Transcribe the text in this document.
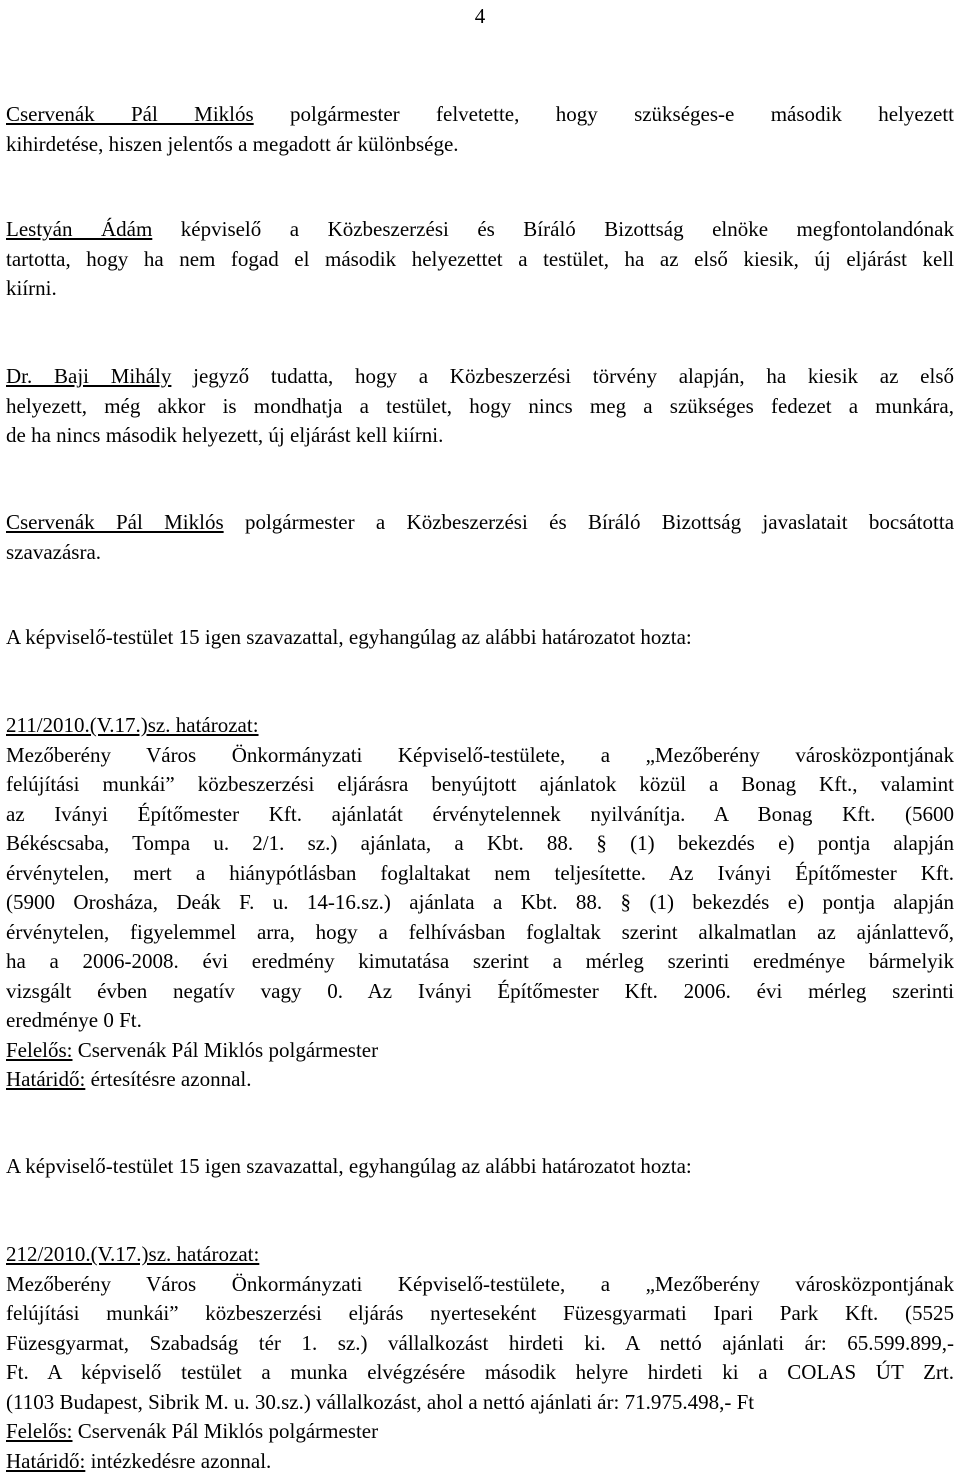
4
Cservenák Pál Miklós polgármester felvetette, hogy szükséges-e második helyezett
kihirdetése, hiszen jelentős a megadott ár különbsége.
Lestyán Ádám képviselő a Közbeszerzési és Bíráló Bizottság elnöke megfontolandónak
tartotta, hogy ha nem fogad el második helyezettet a testület, ha az első kiesik, új eljárást kell
kiírni.
Dr. Baji Mihály jegyző tudatta, hogy a Közbeszerzési törvény alapján, ha kiesik az első
helyezett, még akkor is mondhatja a testület, hogy nincs meg a szükséges fedezet a munkára,
de ha nincs második helyezett, új eljárást kell kiírni.
Cservenák Pál Miklós polgármester a Közbeszerzési és Bíráló Bizottság javaslatait bocsátotta
szavazásra.
A képviselő-testület 15 igen szavazattal, egyhangúlag az alábbi határozatot hozta:
211/2010.(V.17.)sz. határozat:
Mezőberény Város Önkormányzati Képviselő-testülete, a „Mezőberény városközpontjának
felújítási munkái” közbeszerzési eljárásra benyújtott ajánlatok közül a Bonag Kft., valamint
az Iványi Építőmester Kft. ajánlatát érvénytelennek nyilvánítja. A Bonag Kft. (5600
Békéscsaba, Tompa u. 2/1. sz.) ajánlata, a Kbt. 88. § (1) bekezdés e) pontja alapján
érvénytelen, mert a hiánypótlásban foglaltakat nem teljesítette. Az Iványi Építőmester Kft.
(5900 Orosháza, Deák F. u. 14-16.sz.) ajánlata a Kbt. 88. § (1) bekezdés e) pontja alapján
érvénytelen, figyelemmel arra, hogy a felhívásban foglaltak szerint alkalmatlan az ajánlattevő,
ha a 2006-2008. évi eredmény kimutatása szerint a mérleg szerinti eredménye bármelyik
vizsgált évben negatív vagy 0. Az Iványi Építőmester Kft. 2006. évi mérleg szerinti
eredménye 0 Ft.
Felelős: Cservenák Pál Miklós polgármester
Határidő: értesítésre azonnal.
A képviselő-testület 15 igen szavazattal, egyhangúlag az alábbi határozatot hozta:
212/2010.(V.17.)sz. határozat:
Mezőberény Város Önkormányzati Képviselő-testülete, a „Mezőberény városközpontjának
felújítási munkái” közbeszerzési eljárás nyerteseként Füzesgyarmati Ipari Park Kft. (5525
Füzesgyarmat, Szabadság tér 1. sz.) vállalkozást hirdeti ki. A nettó ajánlati ár: 65.599.899,-
Ft. A képviselő testület a munka elvégzésére második helyre hirdeti ki a COLAS ÚT Zrt.
(1103 Budapest, Sibrik M. u. 30.sz.) vállalkozást, ahol a nettó ajánlati ár: 71.975.498,- Ft
Felelős: Cservenák Pál Miklós polgármester
Határidő: intézkedésre azonnal.
